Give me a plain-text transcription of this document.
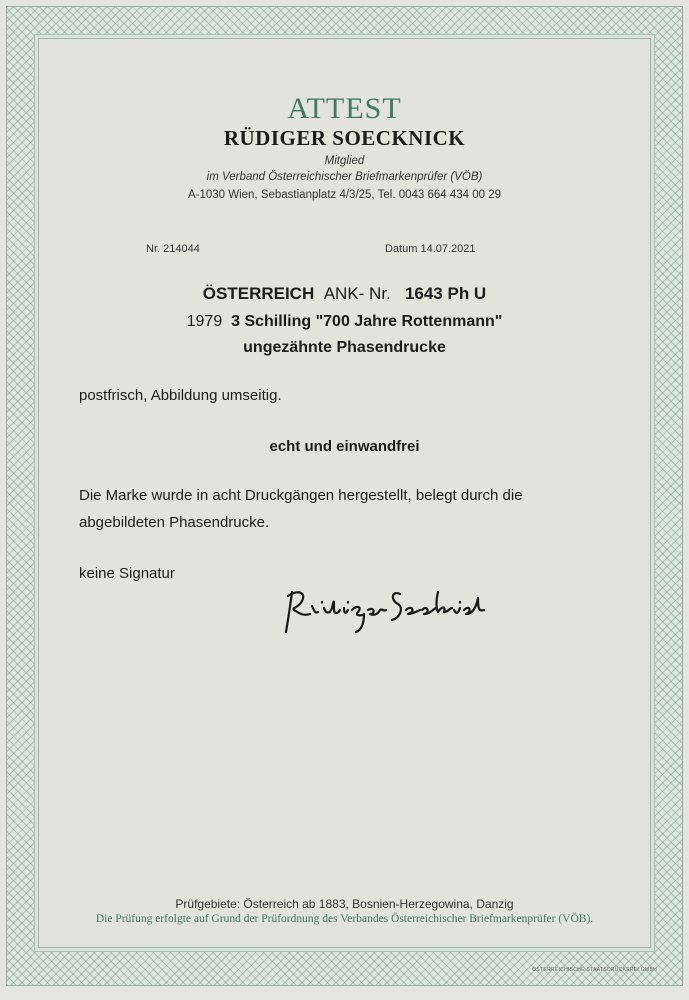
ATTEST
RÜDIGER SOECKNICK
Mitglied
im Verband Österreichischer Briefmarkenprüfer (VÖB)
A-1030 Wien, Sebastianplatz 4/3/25, Tel. 0043 664 434 00 29
Nr. 214044	Datum 14.07.2021
ÖSTERREICH ANK- Nr. 1643 Ph U
1979 3 Schilling "700 Jahre Rottenmann"
ungezähnte Phasendrucke
postfrisch, Abbildung umseitig.
echt und einwandfrei
Die Marke wurde in acht Druckgängen hergestellt, belegt durch die
abgebildeten Phasendrucke.
keine Signatur
Prüfgebiete: Österreich ab 1883, Bosnien-Herzegowina, Danzig
Die Prüfung erfolgte auf Grund der Prüfordnung des Verbandes Österreichischer Briefmarkenprüfer (VÖB).
ÖSTERREICHISCHE STAATSDRUCKEREI GMBH
